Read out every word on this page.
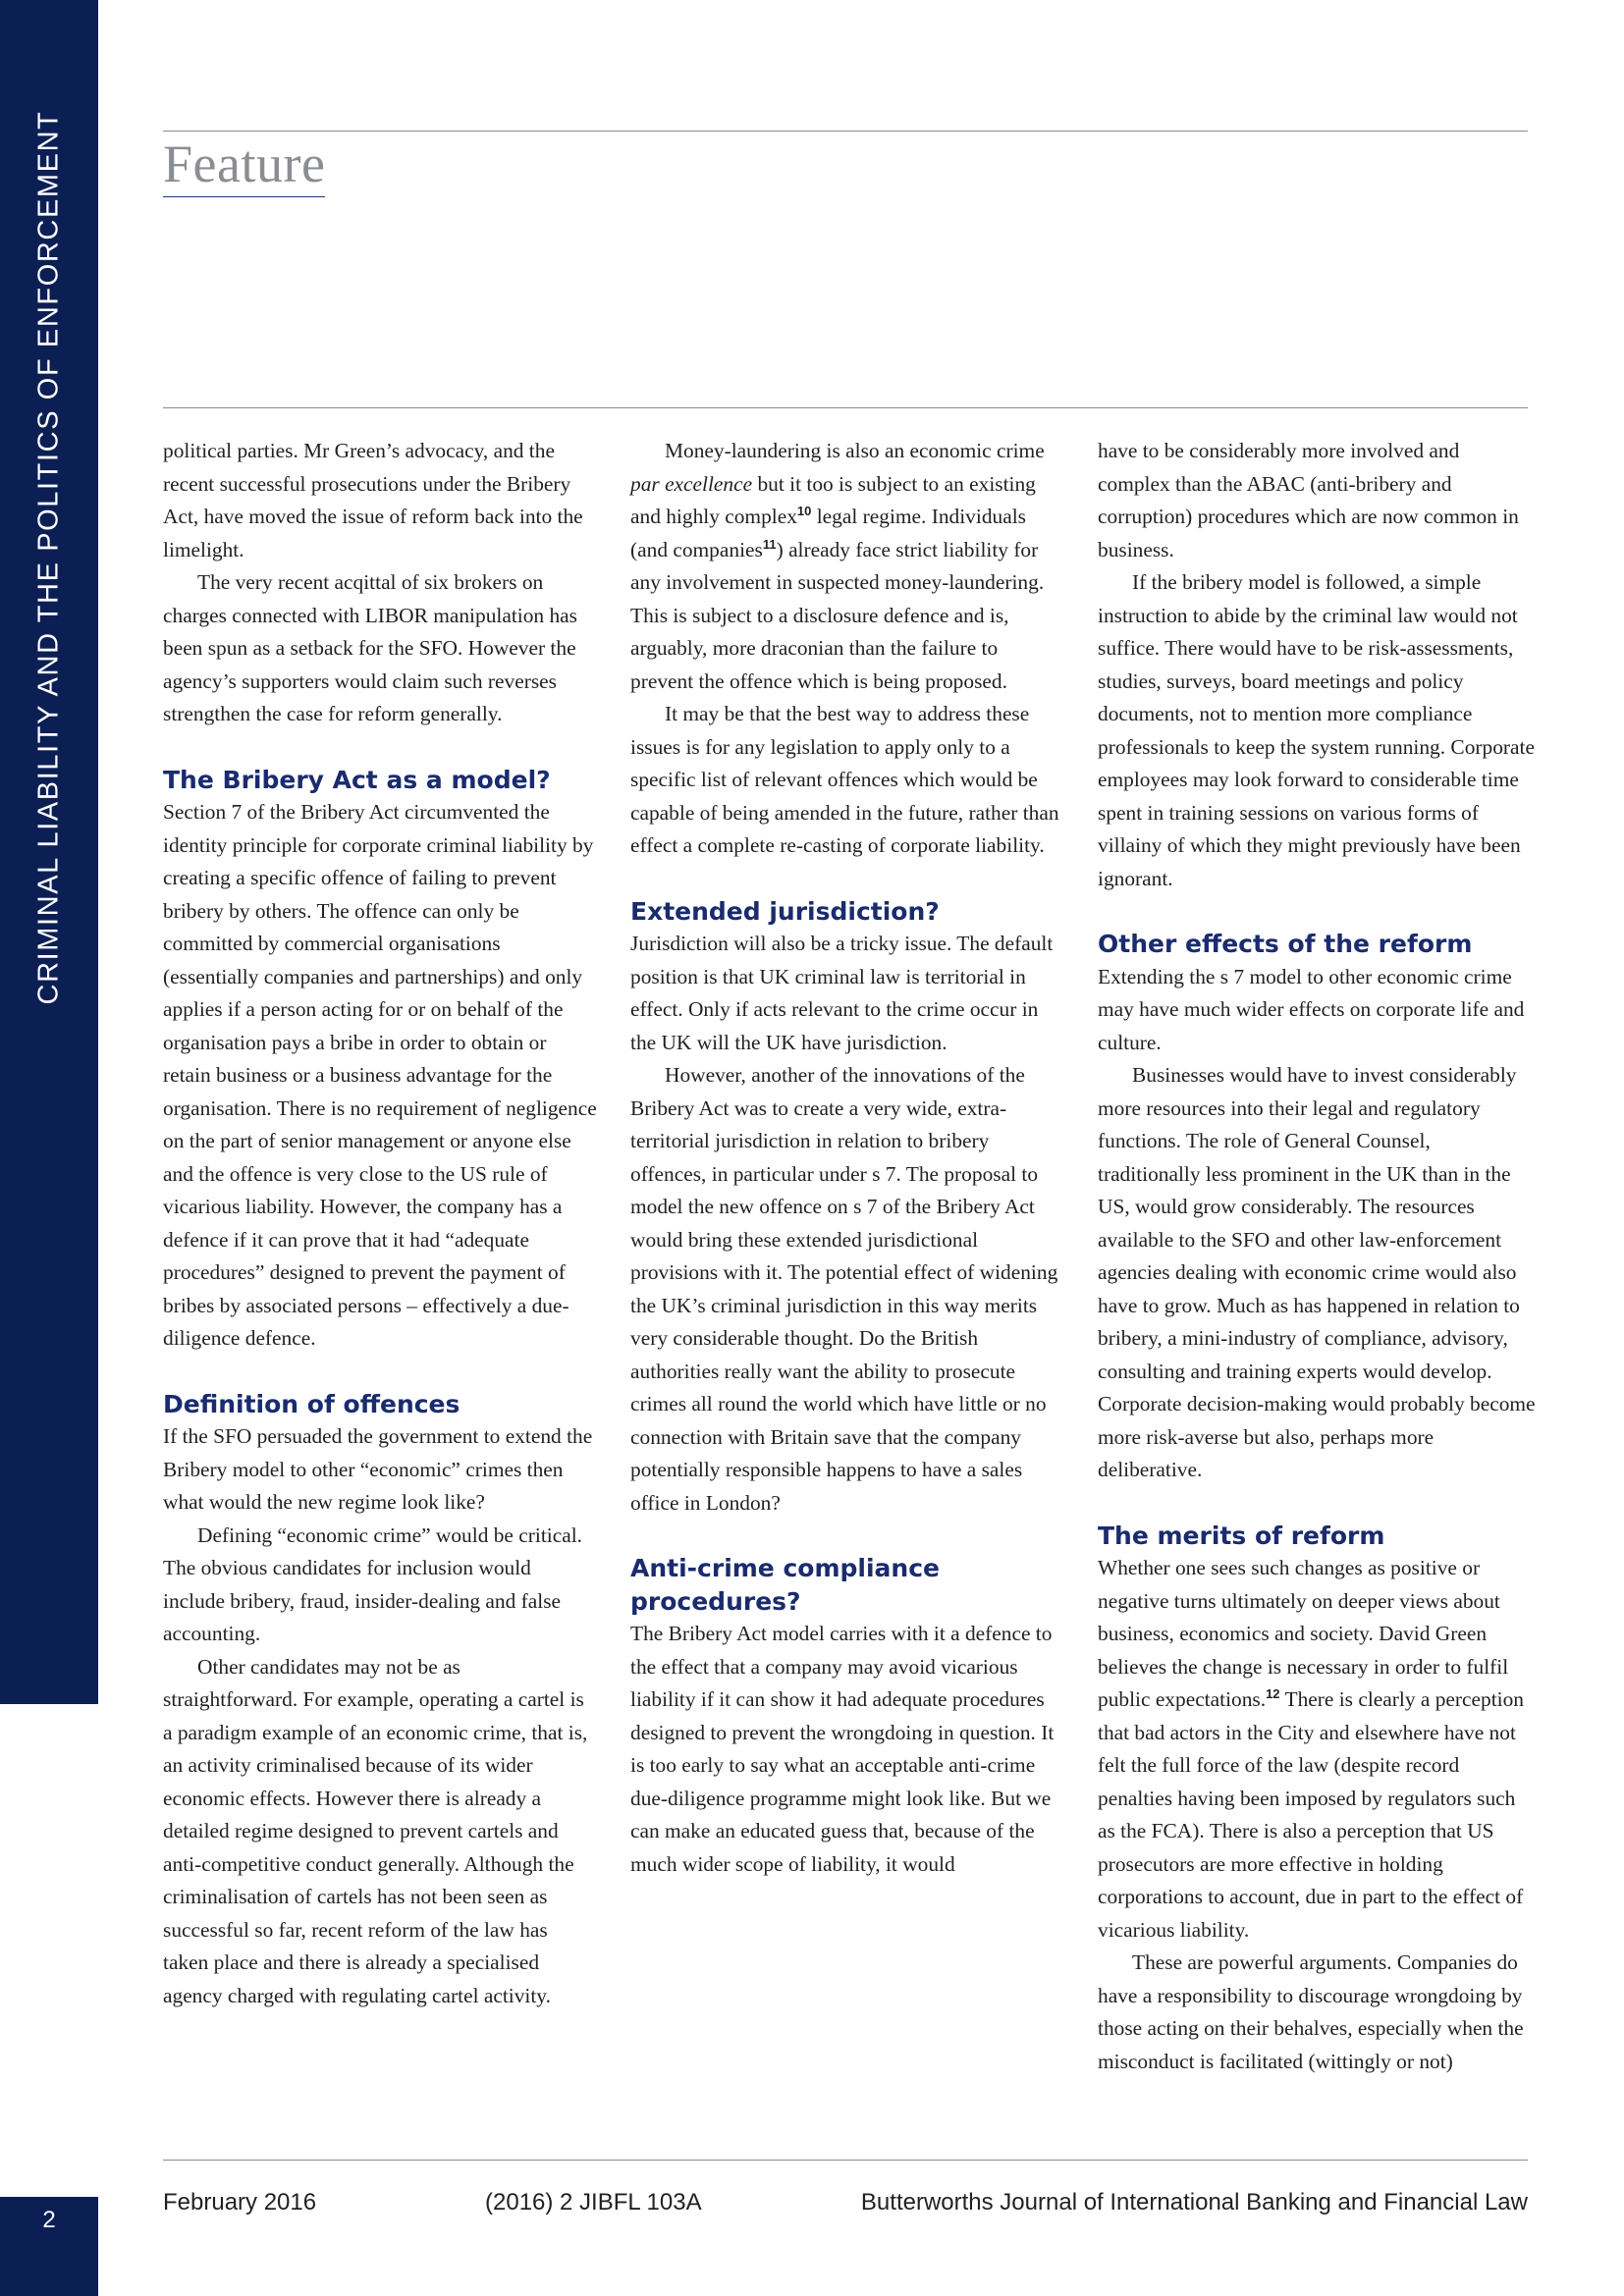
CRIMINAL LIABILITY AND THE POLITICS OF ENFORCEMENT
2
Feature

political parties. Mr Green’s advocacy, and the recent successful prosecutions under the Bribery Act, have moved the issue of reform back into the limelight.

The very recent acqittal of six brokers on charges connected with LIBOR manipulation has been spun as a setback for the SFO. However the agency’s supporters would claim such reverses strengthen the case for reform generally.

The Bribery Act as a model?

Section 7 of the Bribery Act circumvented the identity principle for corporate criminal liability by creating a specific offence of failing to prevent bribery by others. The offence can only be committed by commercial organisations (essentially companies and partnerships) and only applies if a person acting for or on behalf of the organisation pays a bribe in order to obtain or retain business or a business advantage for the organisation. There is no requirement of negligence on the part of senior management or anyone else and the offence is very close to the US rule of vicarious liability. However, the company has a defence if it can prove that it had “adequate procedures” designed to prevent the payment of bribes by associated persons – effectively a due-diligence defence.

Definition of offences

If the SFO persuaded the government to extend the Bribery model to other “economic” crimes then what would the new regime look like?

Defining “economic crime” would be critical. The obvious candidates for inclusion would include bribery, fraud, insider-dealing and false accounting.

Other candidates may not be as straightforward. For example, operating a cartel is a paradigm example of an economic crime, that is, an activity criminalised because of its wider economic effects. However there is already a detailed regime designed to prevent cartels and anti-competitive conduct generally. Although the criminalisation of cartels has not been seen as successful so far, recent reform of the law has taken place and there is already a specialised agency charged with regulating cartel activity.

Money-laundering is also an economic crime par excellence but it too is subject to an existing and highly complex$^{10}$ legal regime. Individuals (and companies$^{11}$) already face strict liability for any involvement in suspected money-laundering. This is subject to a disclosure defence and is, arguably, more draconian than the failure to prevent the offence which is being proposed.

It may be that the best way to address these issues is for any legislation to apply only to a specific list of relevant offences which would be capable of being amended in the future, rather than effect a complete re-casting of corporate liability.

Extended jurisdiction?

Jurisdiction will also be a tricky issue. The default position is that UK criminal law is territorial in effect. Only if acts relevant to the crime occur in the UK will the UK have jurisdiction.

However, another of the innovations of the Bribery Act was to create a very wide, extra-territorial jurisdiction in relation to bribery offences, in particular under s 7. The proposal to model the new offence on s 7 of the Bribery Act would bring these extended jurisdictional provisions with it. The potential effect of widening the UK’s criminal jurisdiction in this way merits very considerable thought. Do the British authorities really want the ability to prosecute crimes all round the world which have little or no connection with Britain save that the company potentially responsible happens to have a sales office in London?

Anti-crime compliance procedures?

The Bribery Act model carries with it a defence to the effect that a company may avoid vicarious liability if it can show it had adequate procedures designed to prevent the wrongdoing in question. It is too early to say what an acceptable anti-crime due-diligence programme might look like. But we can make an educated guess that, because of the much wider scope of liability, it would

have to be considerably more involved and complex than the ABAC (anti-bribery and corruption) procedures which are now common in business.

If the bribery model is followed, a simple instruction to abide by the criminal law would not suffice. There would have to be risk-assessments, studies, surveys, board meetings and policy documents, not to mention more compliance professionals to keep the system running. Corporate employees may look forward to considerable time spent in training sessions on various forms of villainy of which they might previously have been ignorant.

Other effects of the reform

Extending the s 7 model to other economic crime may have much wider effects on corporate life and culture.

Businesses would have to invest considerably more resources into their legal and regulatory functions. The role of General Counsel, traditionally less prominent in the UK than in the US, would grow considerably. The resources available to the SFO and other law-enforcement agencies dealing with economic crime would also have to grow. Much as has happened in relation to bribery, a mini-industry of compliance, advisory, consulting and training experts would develop. Corporate decision-making would probably become more risk-averse but also, perhaps more deliberative.

The merits of reform

Whether one sees such changes as positive or negative turns ultimately on deeper views about business, economics and society. David Green believes the change is necessary in order to fulfil public expectations.$^{12}$ There is clearly a perception that bad actors in the City and elsewhere have not felt the full force of the law (despite record penalties having been imposed by regulators such as the FCA). There is also a perception that US prosecutors are more effective in holding corporations to account, due in part to the effect of vicarious liability.

These are powerful arguments. Companies do have a responsibility to discourage wrongdoing by those acting on their behalves, especially when the misconduct is facilitated (wittingly or not)

February 2016	(2016) 2 JIBFL 103A	Butterworths Journal of International Banking and Financial Law
